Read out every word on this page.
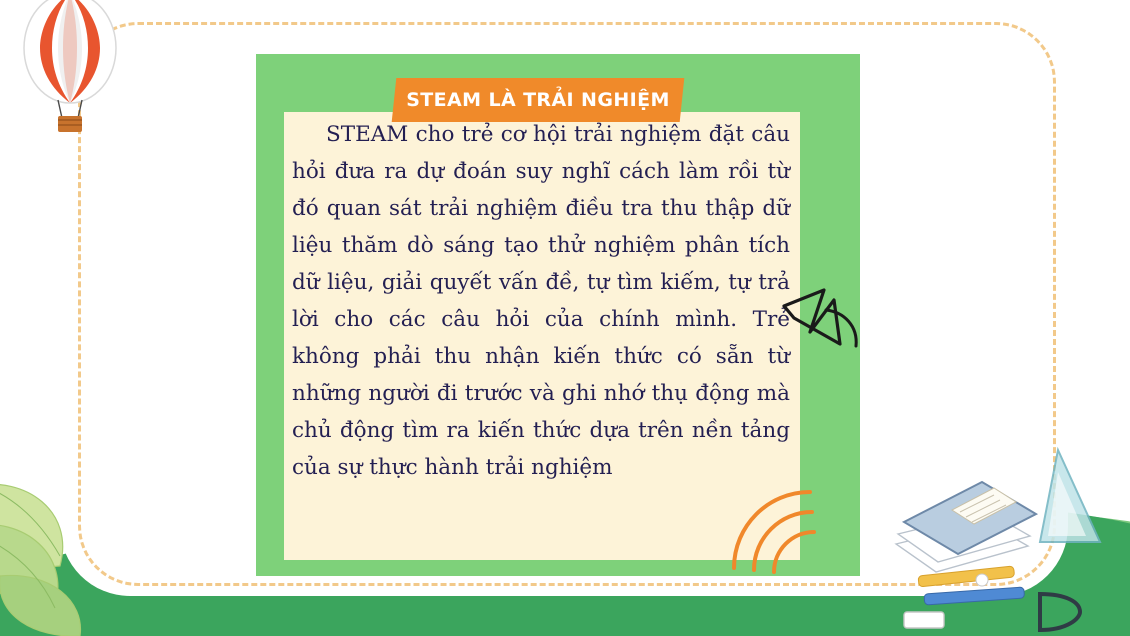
STEAM LÀ TRẢI NGHIỆM
STEAM cho trẻ cơ hội trải nghiệm đặt câu hỏi đưa ra dự đoán suy nghĩ cách làm rồi từ đó quan sát trải nghiệm điều tra thu thập dữ liệu thăm dò sáng tạo thử nghiệm phân tích dữ liệu, giải quyết vấn đề, tự tìm kiếm, tự trả lời cho các câu hỏi của chính mình. Trẻ không phải thu nhận kiến thức có sẵn từ những người đi trước và ghi nhớ thụ động mà chủ động tìm ra kiến thức dựa trên nền tảng của sự thực hành trải nghiệm
